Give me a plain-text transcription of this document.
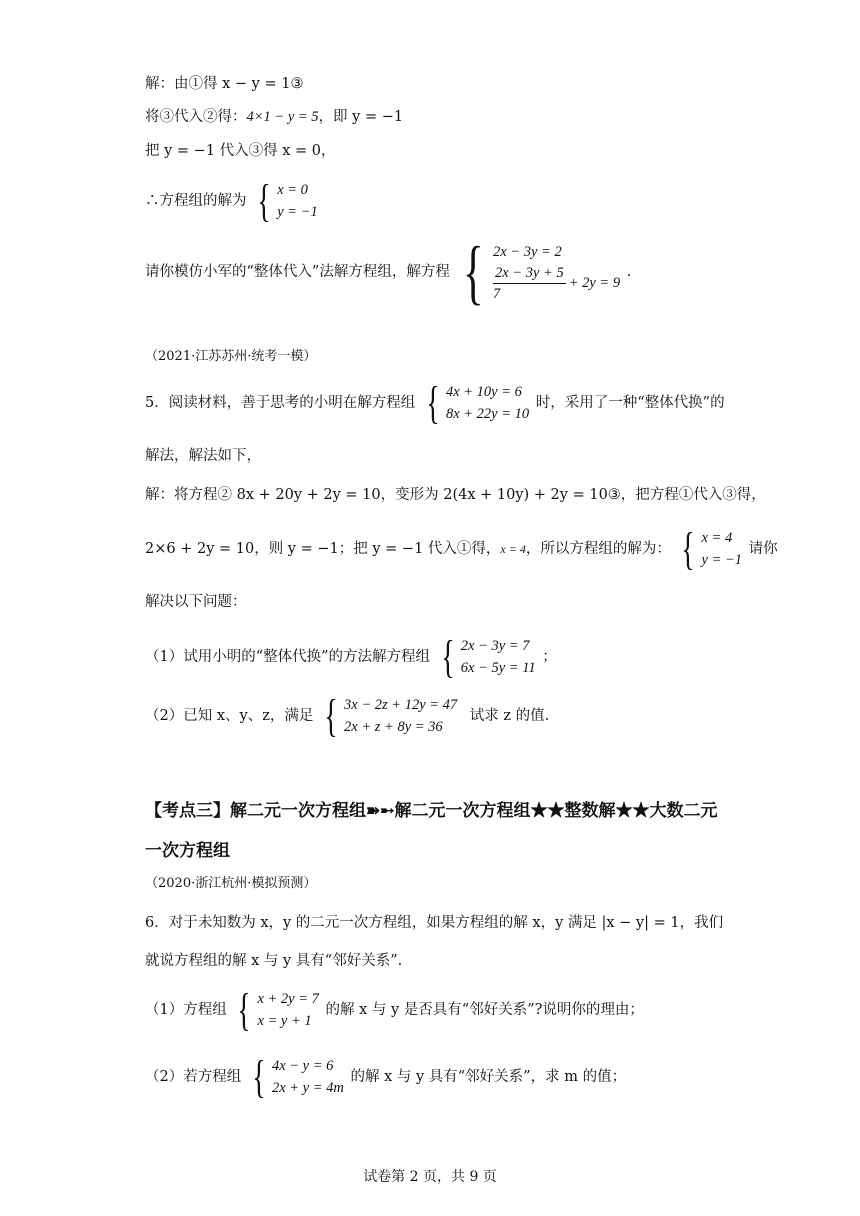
解：由①得 x − y = 1③
将③代入②得：4×1 − y = 5，即 y = −1
把 y = −1 代入③得 x = 0，
∴方程组的解为 { x = 0
y = −1
请你模仿小军的“整体代入”法解方程组，解方程 { 2x − 3y = 2
$\frac{2x - 3y + 5}{7} + 2y = 9$
.
（2021·江苏苏州·统考一模）
5．阅读材料，善于思考的小明在解方程组 { 4x + 10y = 6
8x + 22y = 10
时，采用了一种“整体代换”的
解法，解法如下，
解：将方程② 8x + 20y + 2y = 10，变形为 2(4x + 10y) + 2y = 10③，把方程①代入③得，
2×6 + 2y = 10，则 y = −1；把 y = −1 代入①得，x = 4，所以方程组的解为： { x = 4
y = −1
请你
解决以下问题：
（1）试用小明的“整体代换”的方法解方程组 { 2x − 3y = 7
6x − 5y = 11
；
（2）已知 x、y、z，满足 { 3x − 2z + 12y = 47
2x + z + 8y = 36
试求 z 的值.
【考点三】解二元一次方程组➽➸解二元一次方程组★★整数解★★大数二元
一次方程组
（2020·浙江杭州·模拟预测）
6．对于未知数为 x，y 的二元一次方程组，如果方程组的解 x，y 满足 |x − y| = 1，我们
就说方程组的解 x 与 y 具有“邻好关系”.
（1）方程组 { x + 2y = 7
x = y + 1
的解 x 与 y 是否具有“邻好关系”?说明你的理由；
（2）若方程组 { 4x − y = 6
2x + y = 4m
的解 x 与 y 具有“邻好关系”，求 m 的值；
试卷第 2 页，共 9 页
